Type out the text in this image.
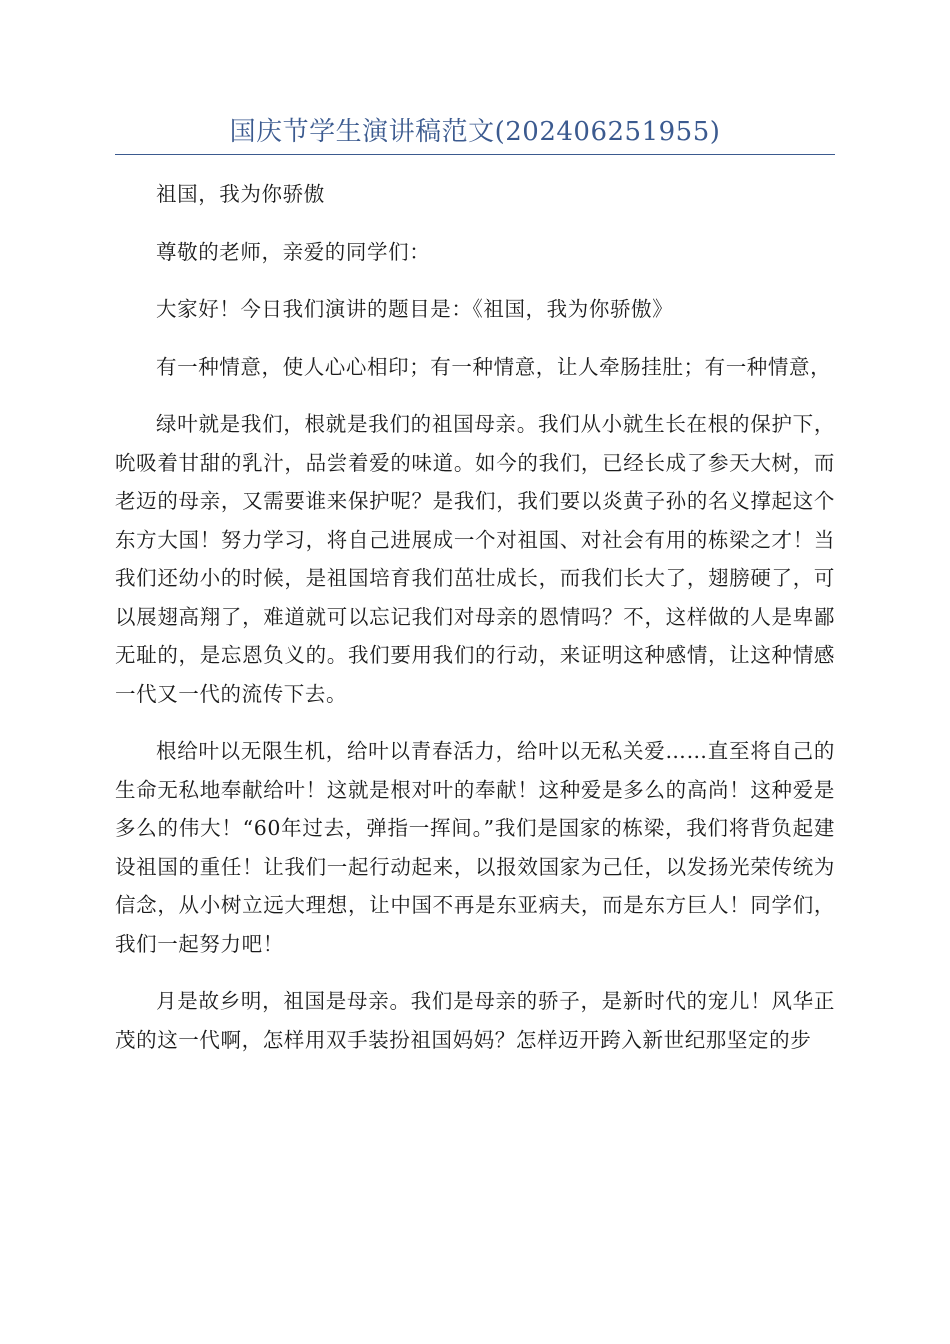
国庆节学生演讲稿范文(202406251955)

祖国，我为你骄傲

尊敬的老师，亲爱的同学们：

大家好！今日我们演讲的题目是：《祖国，我为你骄傲》

有一种情意，使人心心相印；有一种情意，让人牵肠挂肚；有一种情意，

绿叶就是我们，根就是我们的祖国母亲。我们从小就生长在根的保护下，吮吸着甘甜的乳汁，品尝着爱的味道。如今的我们，已经长成了参天大树，而老迈的母亲，又需要谁来保护呢？是我们，我们要以炎黄子孙的名义撑起这个东方大国！努力学习，将自己进展成一个对祖国、对社会有用的栋梁之才！当我们还幼小的时候，是祖国培育我们茁壮成长，而我们长大了，翅膀硬了，可以展翅高翔了，难道就可以忘记我们对母亲的恩情吗？不，这样做的人是卑鄙无耻的，是忘恩负义的。我们要用我们的行动，来证明这种感情，让这种情感一代又一代的流传下去。

根给叶以无限生机，给叶以青春活力，给叶以无私关爱……直至将自己的生命无私地奉献给叶！这就是根对叶的奉献！这种爱是多么的高尚！这种爱是多么的伟大！“60年过去，弹指一挥间。”我们是国家的栋梁，我们将背负起建设祖国的重任！让我们一起行动起来，以报效国家为己任，以发扬光荣传统为信念，从小树立远大理想，让中国不再是东亚病夫，而是东方巨人！同学们，我们一起努力吧！

月是故乡明，祖国是母亲。我们是母亲的骄子，是新时代的宠儿！风华正茂的这一代啊，怎样用双手装扮祖国妈妈？怎样迈开跨入新世纪那坚定的步
